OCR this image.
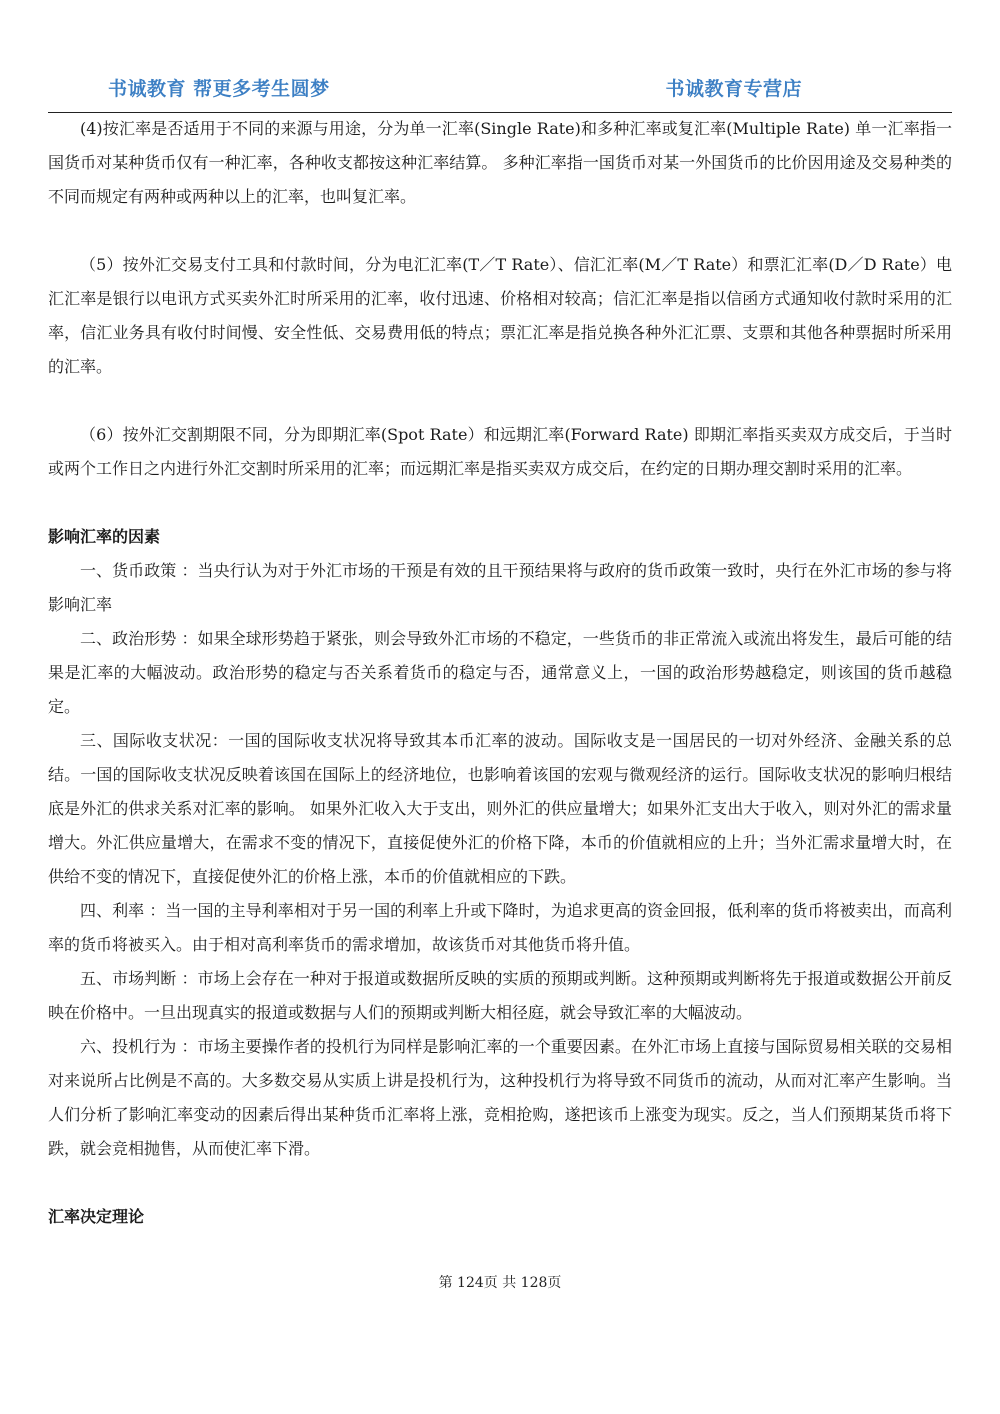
书诚教育 帮更多考生圆梦	书诚教育专营店

(4)按汇率是否适用于不同的来源与用途，分为单一汇率(Single Rate)和多种汇率或复汇率(Multiple Rate) 单一汇率指一国货币对某种货币仅有一种汇率，各种收支都按这种汇率结算。 多种汇率指一国货币对某一外国货币的比价因用途及交易种类的不同而规定有两种或两种以上的汇率，也叫复汇率。

（5）按外汇交易支付工具和付款时间，分为电汇汇率(T／T Rate）、信汇汇率(M／T Rate）和票汇汇率(D／D Rate）电汇汇率是银行以电讯方式买卖外汇时所采用的汇率，收付迅速、价格相对较高；信汇汇率是指以信函方式通知收付款时采用的汇率，信汇业务具有收付时间慢、安全性低、交易费用低的特点；票汇汇率是指兑换各种外汇汇票、支票和其他各种票据时所采用的汇率。

（6）按外汇交割期限不同，分为即期汇率(Spot Rate）和远期汇率(Forward Rate) 即期汇率指买卖双方成交后，于当时或两个工作日之内进行外汇交割时所采用的汇率；而远期汇率是指买卖双方成交后，在约定的日期办理交割时采用的汇率。

影响汇率的因素

一、货币政策 ：当央行认为对于外汇市场的干预是有效的且干预结果将与政府的货币政策一致时，央行在外汇市场的参与将影响汇率

二、政治形势 ：如果全球形势趋于紧张，则会导致外汇市场的不稳定，一些货币的非正常流入或流出将发生，最后可能的结果是汇率的大幅波动。政治形势的稳定与否关系着货币的稳定与否，通常意义上，一国的政治形势越稳定，则该国的货币越稳定。

三、国际收支状况：一国的国际收支状况将导致其本币汇率的波动。国际收支是一国居民的一切对外经济、金融关系的总结。一国的国际收支状况反映着该国在国际上的经济地位，也影响着该国的宏观与微观经济的运行。国际收支状况的影响归根结底是外汇的供求关系对汇率的影响。 如果外汇收入大于支出，则外汇的供应量增大；如果外汇支出大于收入，则对外汇的需求量增大。外汇供应量增大，在需求不变的情况下，直接促使外汇的价格下降，本币的价值就相应的上升；当外汇需求量增大时，在供给不变的情况下，直接促使外汇的价格上涨，本币的价值就相应的下跌。

四、利率 ：当一国的主导利率相对于另一国的利率上升或下降时，为追求更高的资金回报，低利率的货币将被卖出，而高利率的货币将被买入。由于相对高利率货币的需求增加，故该货币对其他货币将升值。

五、市场判断 ：市场上会存在一种对于报道或数据所反映的实质的预期或判断。这种预期或判断将先于报道或数据公开前反映在价格中。一旦出现真实的报道或数据与人们的预期或判断大相径庭，就会导致汇率的大幅波动。

六、投机行为 ：市场主要操作者的投机行为同样是影响汇率的一个重要因素。在外汇市场上直接与国际贸易相关联的交易相对来说所占比例是不高的。大多数交易从实质上讲是投机行为，这种投机行为将导致不同货币的流动，从而对汇率产生影响。当人们分析了影响汇率变动的因素后得出某种货币汇率将上涨，竞相抢购，遂把该币上涨变为现实。反之，当人们预期某货币将下跌，就会竞相抛售，从而使汇率下滑。

汇率决定理论

第 124页 共 128页
